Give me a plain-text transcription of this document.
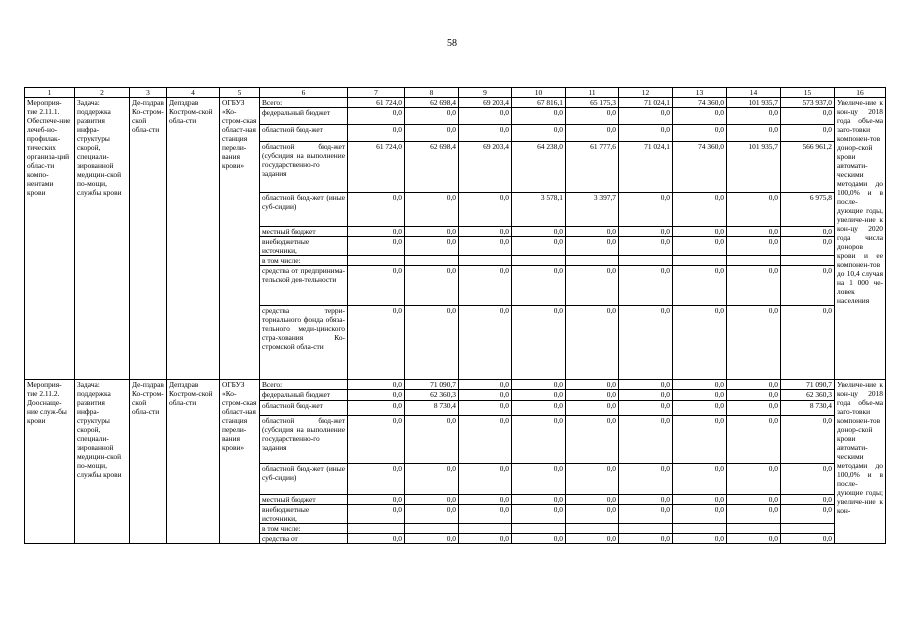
58
1	2	3	4	5	6	7	8	9	10	11	12	13	14	15	16
Мероприя-тие 2.11.1. Обеспече-ние лечеб-но-профилак-тических организа-ций облас-ти компо-нентами крови	Задача: поддержка развития инфра-структуры скорой, специали-зированной медицин-ской по-мощи, службы крови	Де-пздрав Ко-стром-ской обла-сти	Депздрав Костром-ской обла-сти	ОГБУЗ «Ко-стром-ская област-ная станция перели-вания крови»	Всего:	61 724,0	62 698,4	69 203,4	67 816,1	65 175,3	71 024,1	74 360,0	101 935,7	573 937,0	Увеличе-ние к кон-цу 2018 года объе-ма заго-товки компонен-тов донор-ской крови автомати-ческими методами до 100,0% и в после-дующие годы, увеличе-ние к кон-цу 2020 года числа доноров крови и ее компонен-тов до 10,4 случая на 1 000 че-ловек населения
					федеральный бюджет	0,0	0,0	0,0	0,0	0,0	0,0	0,0	0,0	0,0	
					областной бюд-жет	0,0	0,0	0,0	0,0	0,0	0,0	0,0	0,0	0,0	
					областной бюд-жет (субсидия на выполнение государственно-го задания	61 724,0	62 698,4	69 203,4	64 238,0	61 777,6	71 024,1	74 360,0	101 935,7	566 961,2	
					областной бюд-жет (иные суб-сидии)	0,0	0,0	0,0	3 578,1	3 397,7	0,0	0,0	0,0	6 975,8	
					местный бюджет	0,0	0,0	0,0	0,0	0,0	0,0	0,0	0,0	0,0	
					внебюджетные источники,	0,0	0,0	0,0	0,0	0,0	0,0	0,0	0,0	0,0	
					в том числе:										
					средства от предпринима-тельской дея-тельности	0,0	0,0	0,0	0,0	0,0	0,0	0,0	0,0	0,0	
					средства терри-ториального фонда обяза-тельного меди-цинского стра-хования Ко-стромской обла-сти	0,0	0,0	0,0	0,0	0,0	0,0	0,0	0,0	0,0	
Мероприя-тие 2.11.2. Дооснаще-ние служ-бы крови	Задача: поддержка развития инфра-структуры скорой, специали-зированной медицин-ской по-мощи, службы крови	Де-пздрав Ко-стром-ской обла-сти	Депздрав Костром-ской обла-сти	ОГБУЗ «Ко-стром-ская област-ная станция перели-вания крови»	Всего:	0,0	71 090,7	0,0	0,0	0,0	0,0	0,0	0,0	71 090,7	Увеличе-ние к кон-цу 2018 года объе-ма заго-товки компонен-тов донор-ской крови автомати-ческими методами до 100,0% и в после-дующие годы; увеличе-ние к кон-
					федеральный бюджет	0,0	62 360,3	0,0	0,0	0,0	0,0	0,0	0,0	62 360,3	
					областной бюд-жет	0,0	8 730,4	0,0	0,0	0,0	0,0	0,0	0,0	8 730,4	
					областной бюд-жет (субсидия на выполнение государственно-го задания	0,0	0,0	0,0	0,0	0,0	0,0	0,0	0,0	0,0	
					областной бюд-жет (иные суб-сидии)	0,0	0,0	0,0	0,0	0,0	0,0	0,0	0,0	0,0	
					местный бюджет	0,0	0,0	0,0	0,0	0,0	0,0	0,0	0,0	0,0	
					внебюджетные источники,	0,0	0,0	0,0	0,0	0,0	0,0	0,0	0,0	0,0	
					в том числе:										
					средства от	0,0	0,0	0,0	0,0	0,0	0,0	0,0	0,0	0,0	
